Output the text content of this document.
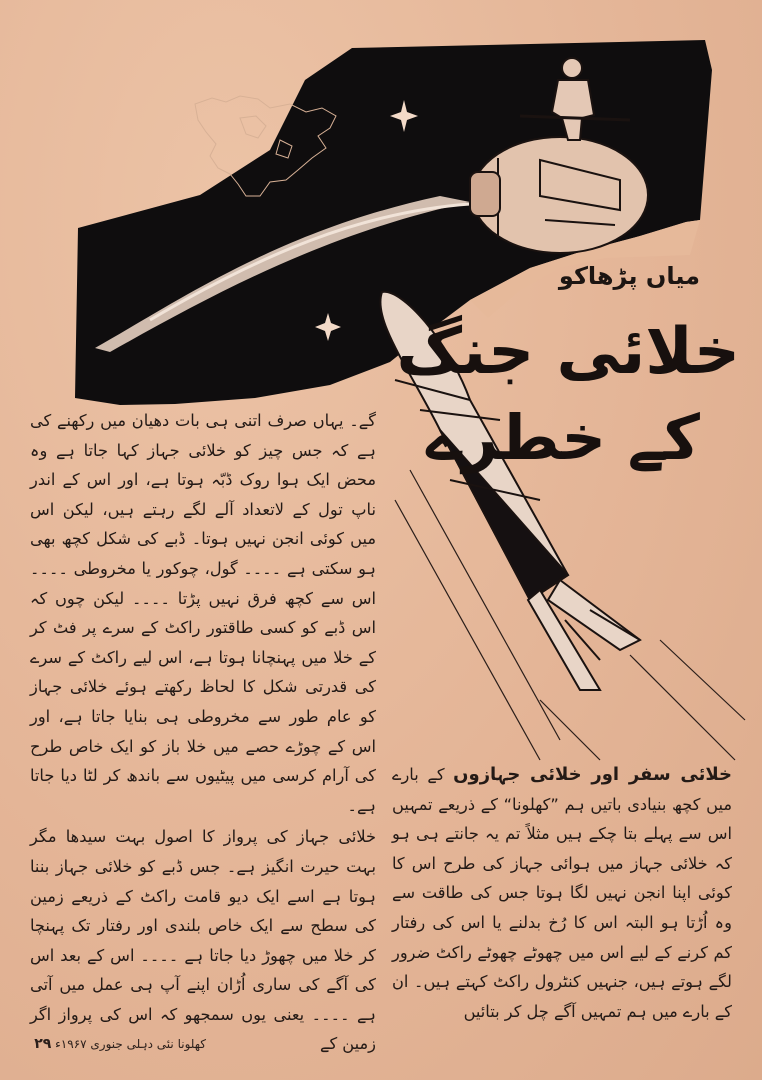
میاں پڑھاکو
خلائی جنگ
کے خطرے

گے۔ یہاں صرف اتنی ہی بات دھیان میں رکھنے کی ہے کہ جس چیز کو خلائی جہاز کہا جاتا ہے وہ محض ایک ہوا روک ڈبّہ ہوتا ہے، اور اس کے اندر ناپ تول کے لاتعداد آلے لگے رہتے ہیں، لیکن اس میں کوئی انجن نہیں ہوتا۔ ڈبے کی شکل کچھ بھی ہو سکتی ہے ۔۔۔۔ گول، چوکور یا مخروطی ۔۔۔۔ اس سے کچھ فرق نہیں پڑتا ۔۔۔۔ لیکن چوں کہ اس ڈبے کو کسی طاقتور راکٹ کے سرے پر فٹ کر کے خلا میں پہنچانا ہوتا ہے، اس لیے راکٹ کے سرے کی قدرتی شکل کا لحاظ رکھتے ہوئے خلائی جہاز کو عام طور سے مخروطی ہی بنایا جاتا ہے، اور اس کے چوڑے حصے میں خلا باز کو ایک خاص طرح کی آرام کرسی میں پیٹیوں سے باندھ کر لٹا دیا جاتا ہے۔

خلائی جہاز کی پرواز کا اصول بہت سیدھا مگر بہت حیرت انگیز ہے۔ جس ڈبے کو خلائی جہاز بننا ہوتا ہے اسے ایک دیو قامت راکٹ کے ذریعے زمین کی سطح سے ایک خاص بلندی اور رفتار تک پہنچا کر خلا میں چھوڑ دیا جاتا ہے ۔۔۔۔ اس کے بعد اس کی آگے کی ساری اُڑان اپنے آپ ہی عمل میں آتی ہے ۔۔۔۔ یعنی یوں سمجھو کہ اس کی پرواز اگر زمین کے

خلائی سفر اور خلائی جہازوں کے بارے میں کچھ بنیادی باتیں ہم ”کھلونا“ کے ذریعے تمہیں اس سے پہلے بتا چکے ہیں مثلاً تم یہ جانتے ہی ہو کہ خلائی جہاز میں ہوائی جہاز کی طرح اس کا کوئی اپنا انجن نہیں لگا ہوتا جس کی طاقت سے وہ اُڑتا ہو البتہ اس کا رُخ بدلنے یا اس کی رفتار کم کرنے کے لیے اس میں چھوٹے چھوٹے راکٹ ضرور لگے ہوتے ہیں، جنہیں کنٹرول راکٹ کہتے ہیں۔ ان کے بارے میں ہم تمہیں آگے چل کر بتائیں

کھلونا نئی دہلی جنوری ۱۹۶۷ء ۲۹
